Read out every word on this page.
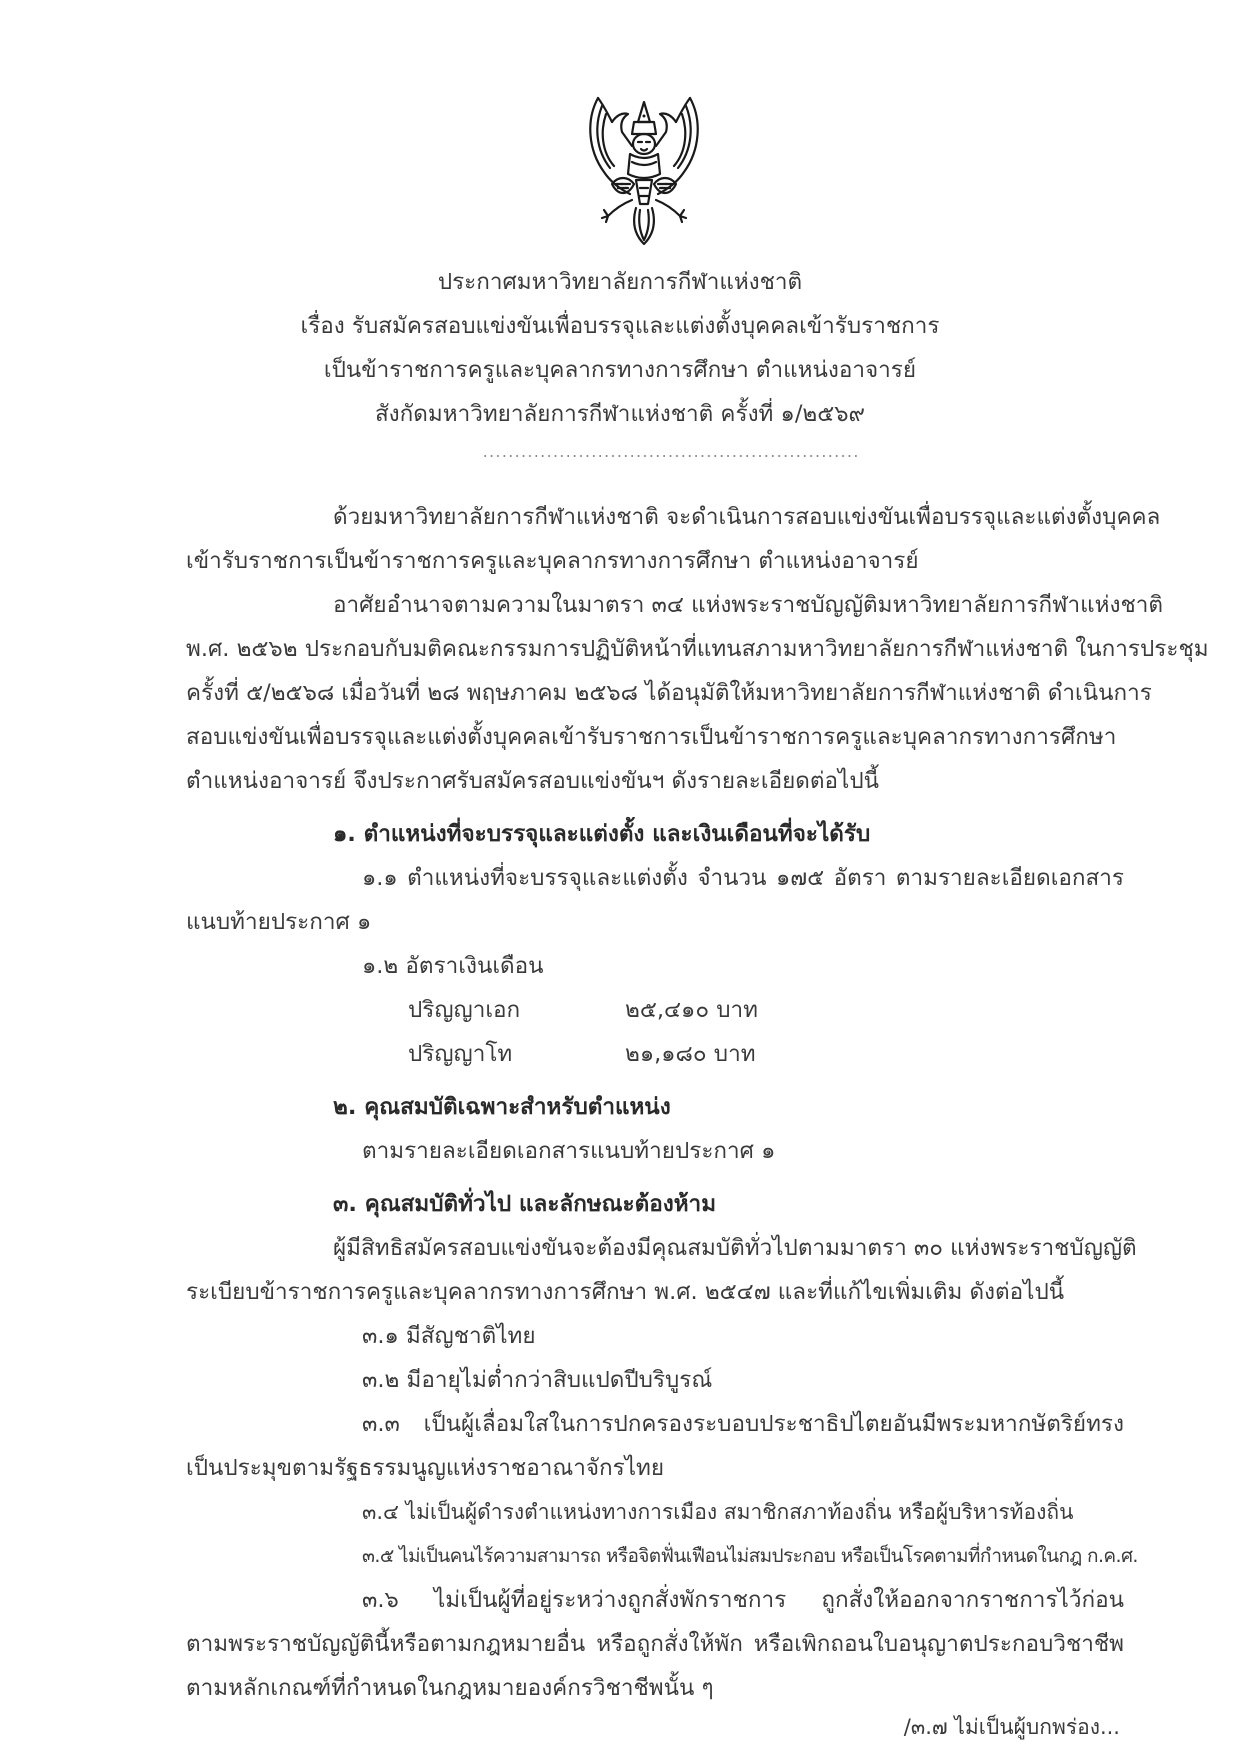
ประกาศมหาวิทยาลัยการกีฬาแห่งชาติ
เรื่อง รับสมัครสอบแข่งขันเพื่อบรรจุและแต่งตั้งบุคคลเข้ารับราชการ
เป็นข้าราชการครูและบุคลากรทางการศึกษา ตำแหน่งอาจารย์
สังกัดมหาวิทยาลัยการกีฬาแห่งชาติ ครั้งที่ ๑/๒๕๖๙
ด้วยมหาวิทยาลัยการกีฬาแห่งชาติ จะดำเนินการสอบแข่งขันเพื่อบรรจุและแต่งตั้งบุคคล
เข้ารับราชการเป็นข้าราชการครูและบุคลากรทางการศึกษา ตำแหน่งอาจารย์
อาศัยอำนาจตามความในมาตรา ๓๔ แห่งพระราชบัญญัติมหาวิทยาลัยการกีฬาแห่งชาติ
พ.ศ. ๒๕๖๒ ประกอบกับมติคณะกรรมการปฏิบัติหน้าที่แทนสภามหาวิทยาลัยการกีฬาแห่งชาติ ในการประชุม
ครั้งที่ ๕/๒๕๖๘ เมื่อวันที่ ๒๘ พฤษภาคม ๒๕๖๘ ได้อนุมัติให้มหาวิทยาลัยการกีฬาแห่งชาติ ดำเนินการ
สอบแข่งขันเพื่อบรรจุและแต่งตั้งบุคคลเข้ารับราชการเป็นข้าราชการครูและบุคลากรทางการศึกษา
ตำแหน่งอาจารย์ จึงประกาศรับสมัครสอบแข่งขันฯ ดังรายละเอียดต่อไปนี้
๑. ตำแหน่งที่จะบรรจุและแต่งตั้ง และเงินเดือนที่จะได้รับ
๑.๑ ตำแหน่งที่จะบรรจุและแต่งตั้ง จำนวน ๑๗๕ อัตรา ตามรายละเอียดเอกสาร
แนบท้ายประกาศ ๑
๑.๒ อัตราเงินเดือน
ปริญญาเอก	๒๕,๔๑๐ บาท
ปริญญาโท	๒๑,๑๘๐ บาท
๒. คุณสมบัติเฉพาะสำหรับตำแหน่ง
ตามรายละเอียดเอกสารแนบท้ายประกาศ ๑
๓. คุณสมบัติทั่วไป และลักษณะต้องห้าม
ผู้มีสิทธิสมัครสอบแข่งขันจะต้องมีคุณสมบัติทั่วไปตามมาตรา ๓๐ แห่งพระราชบัญญัติ
ระเบียบข้าราชการครูและบุคลากรทางการศึกษา พ.ศ. ๒๕๔๗ และที่แก้ไขเพิ่มเติม ดังต่อไปนี้
๓.๑ มีสัญชาติไทย
๓.๒ มีอายุไม่ต่ำกว่าสิบแปดปีบริบูรณ์
๓.๓ เป็นผู้เลื่อมใสในการปกครองระบอบประชาธิปไตยอันมีพระมหากษัตริย์ทรง
เป็นประมุขตามรัฐธรรมนูญแห่งราชอาณาจักรไทย
๓.๔ ไม่เป็นผู้ดำรงตำแหน่งทางการเมือง สมาชิกสภาท้องถิ่น หรือผู้บริหารท้องถิ่น
๓.๕ ไม่เป็นคนไร้ความสามารถ หรือจิตฟั่นเฟือนไม่สมประกอบ หรือเป็นโรคตามที่กำหนดในกฎ ก.ค.ศ.
๓.๖ ไม่เป็นผู้ที่อยู่ระหว่างถูกสั่งพักราชการ ถูกสั่งให้ออกจากราชการไว้ก่อน
ตามพระราชบัญญัตินี้หรือตามกฎหมายอื่น หรือถูกสั่งให้พัก หรือเพิกถอนใบอนุญาตประกอบวิชาชีพ
ตามหลักเกณฑ์ที่กำหนดในกฎหมายองค์กรวิชาชีพนั้น ๆ
/๓.๗ ไม่เป็นผู้บกพร่อง...
